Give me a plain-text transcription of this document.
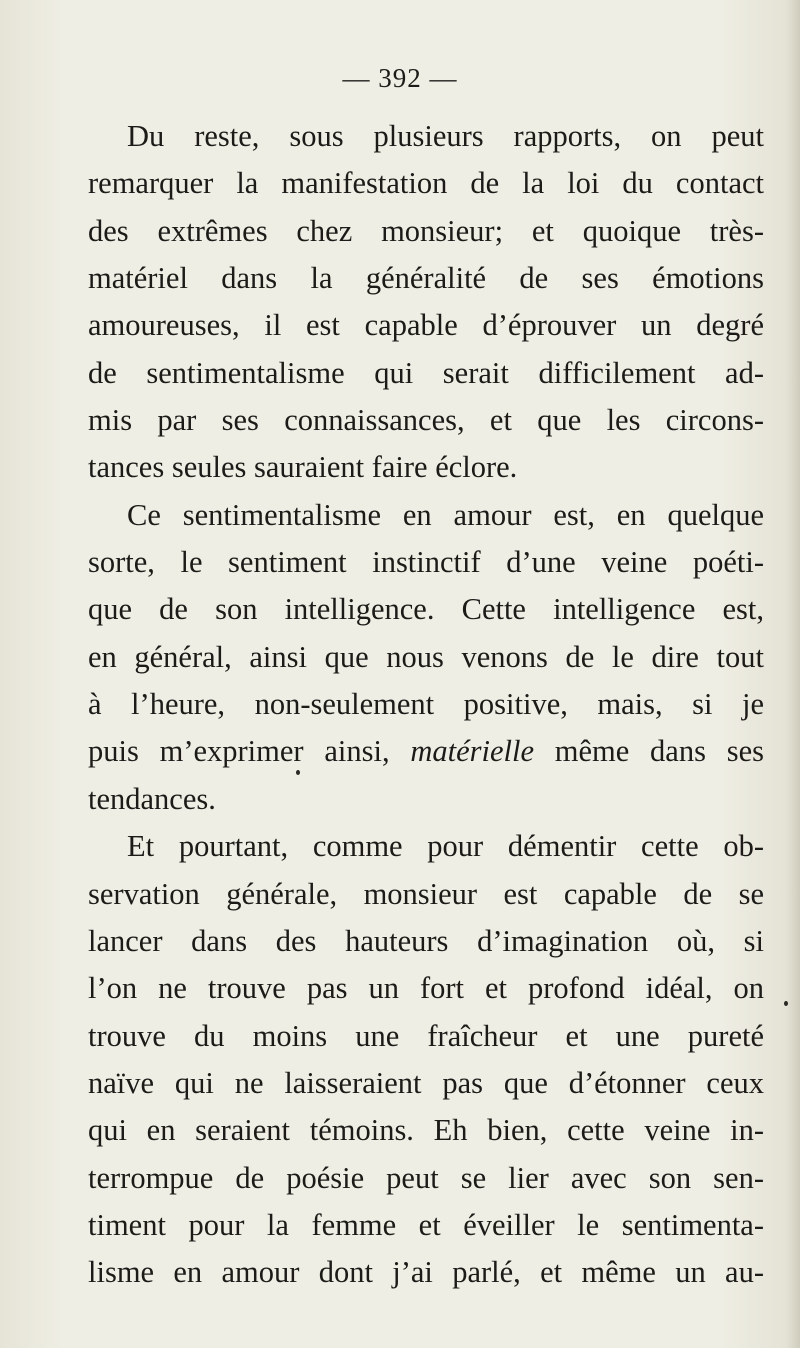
— 392 —
Du reste, sous plusieurs rapports, on peut
remarquer la manifestation de la loi du contact
des extrêmes chez monsieur; et quoique très-
matériel dans la généralité de ses émotions
amoureuses, il est capable d’éprouver un degré
de sentimentalisme qui serait difficilement ad-
mis par ses connaissances, et que les circons-
tances seules sauraient faire éclore.
Ce sentimentalisme en amour est, en quelque
sorte, le sentiment instinctif d’une veine poéti-
que de son intelligence. Cette intelligence est,
en général, ainsi que nous venons de le dire tout
à l’heure, non-seulement positive, mais, si je
puis m’exprimer ainsi, matérielle même dans ses
tendances.
Et pourtant, comme pour démentir cette ob-
servation générale, monsieur est capable de se
lancer dans des hauteurs d’imagination où, si
l’on ne trouve pas un fort et profond idéal, on
trouve du moins une fraîcheur et une pureté
naïve qui ne laisseraient pas que d’étonner ceux
qui en seraient témoins. Eh bien, cette veine in-
terrompue de poésie peut se lier avec son sen-
timent pour la femme et éveiller le sentimenta-
lisme en amour dont j’ai parlé, et même un au-
